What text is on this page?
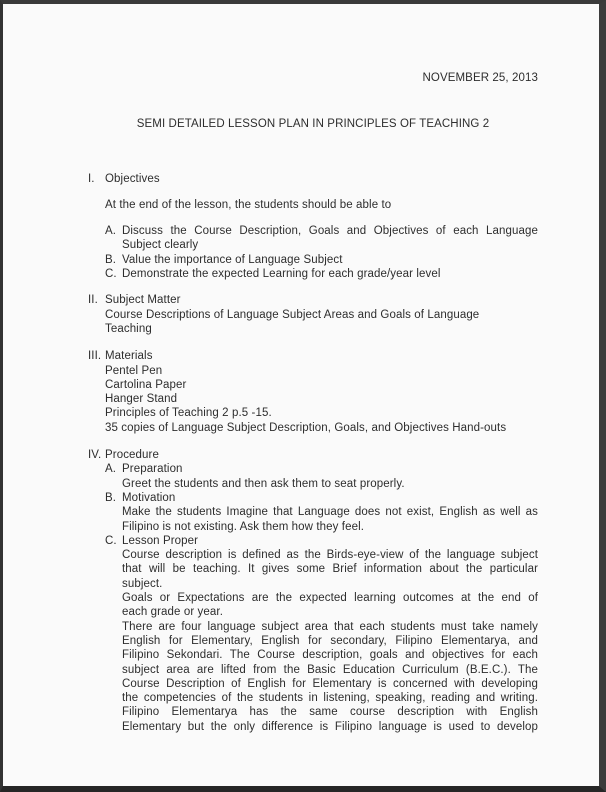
NOVEMBER 25, 2013
SEMI DETAILED LESSON PLAN IN PRINCIPLES OF TEACHING 2
I. Objectives
At the end of the lesson, the students should be able to
A. Discuss the Course Description, Goals and Objectives of each Language
Subject clearly
B. Value the importance of Language Subject
C. Demonstrate the expected Learning for each grade/year level
II. Subject Matter
Course Descriptions of Language Subject Areas and Goals of Language
Teaching
III. Materials
Pentel Pen
Cartolina Paper
Hanger Stand
Principles of Teaching 2 p.5 -15.
35 copies of Language Subject Description, Goals, and Objectives Hand-outs
IV. Procedure
A. Preparation
Greet the students and then ask them to seat properly.
B. Motivation
Make the students Imagine that Language does not exist, English as well as
Filipino is not existing. Ask them how they feel.
C. Lesson Proper
Course description is defined as the Birds-eye-view of the language subject
that will be teaching. It gives some Brief information about the particular
subject.
Goals or Expectations are the expected learning outcomes at the end of
each grade or year.
There are four language subject area that each students must take namely
English for Elementary, English for secondary, Filipino Elementarya, and
Filipino Sekondari. The Course description, goals and objectives for each
subject area are lifted from the Basic Education Curriculum (B.E.C.). The
Course Description of English for Elementary is concerned with developing
the competencies of the students in listening, speaking, reading and writing.
Filipino Elementarya has the same course description with English
Elementary but the only difference is Filipino language is used to develop
